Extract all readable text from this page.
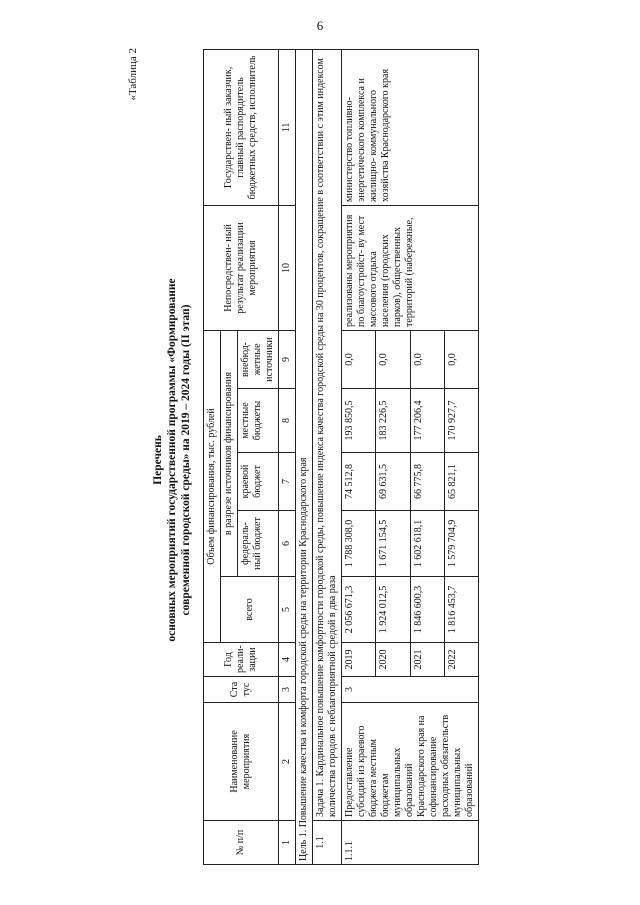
6
«Таблица 2
Перечень основных мероприятий государственной программы «Формирование современной городской среды» на 2019 – 2024 годы (II этап)
№ п/п	Наименование мероприятия	Ста тус	Год реали- зации	Объем финансирования, тыс. рублей					Непосредствен- ный результат реализации мероприятия	Государствен- ный заказчик, главный распорядитель бюджетных средств, исполнитель
				всего	в разрезе источников финансирования					
					федераль- ный бюджет	краевой бюджет	местные бюджеты	внебюд- жетные источники		
1	2	3	4	5	6	7	8	9	10	11
Цель 1. Повышение качества и комфорта городской среды на территории Краснодарского края										
1.1	Задача 1. Кардинальное повышение комфортности городской среды, повышение индекса качества городской среды на 30 процентов, сокращение в соответствии с этим индексом количества городов с неблагоприятной средой в два раза									
1.1.1	Предоставление субсидий из краевого бюджета местным бюджетам муниципальных образований Краснодарского края на софинансирование расходных обязательств муниципальных образований	3	2019	2 056 671,3	1 788 308,0	74 512,8	193 850,5	0,0	реализованы мероприятия по благоустройст- ву мест массового отдыха населения (городских парков), общественных территорий (набережные,	министерство топливно- энергетического комплекса и жилищно- коммунального хозяйства Краснодарского края
			2020	1 924 012,5	1 671 154,5	69 631,5	183 226,5	0,0		
			2021	1 846 600,3	1 602 618,1	66 775,8	177 206,4	0,0		
			2022	1 816 453,7	1 579 704,9	65 821,1	170 927,7	0,0		
